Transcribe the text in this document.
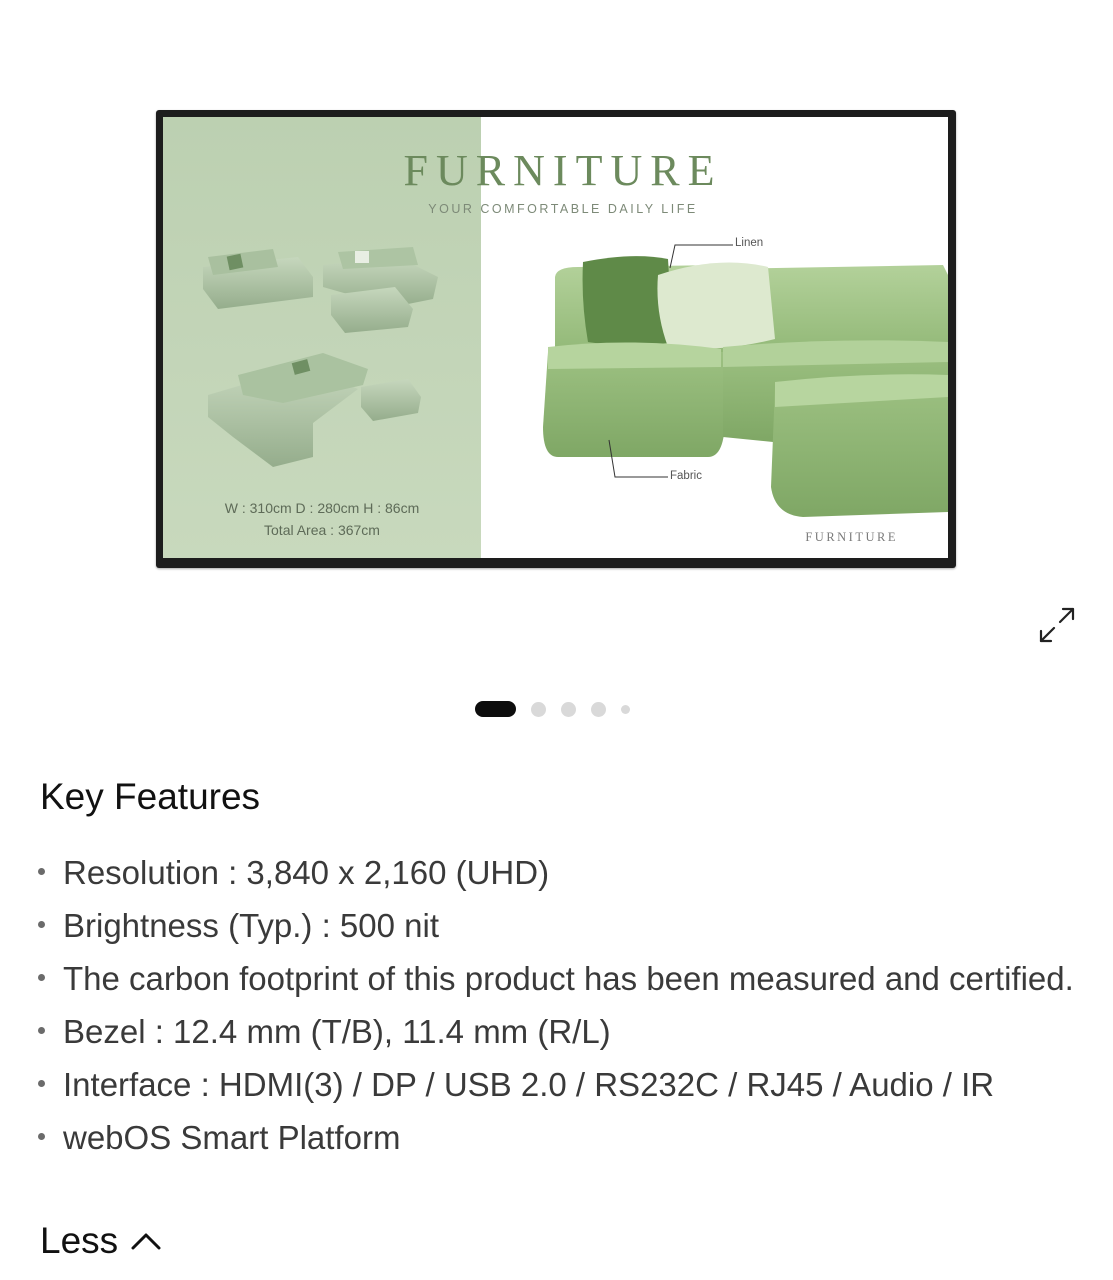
FURNITURE
YOUR COMFORTABLE DAILY LIFE
Linen
Fabric
W : 310cm D : 280cm H : 86cm
Total Area : 367cm	FURNITURE
Key Features
Resolution : 3,840 x 2,160 (UHD)
Brightness (Typ.) : 500 nit
The carbon footprint of this product has been measured and certified.
Bezel : 12.4 mm (T/B), 11.4 mm (R/L)
Interface : HDMI(3) / DP / USB 2.0 / RS232C / RJ45 / Audio / IR
webOS Smart Platform
Less
